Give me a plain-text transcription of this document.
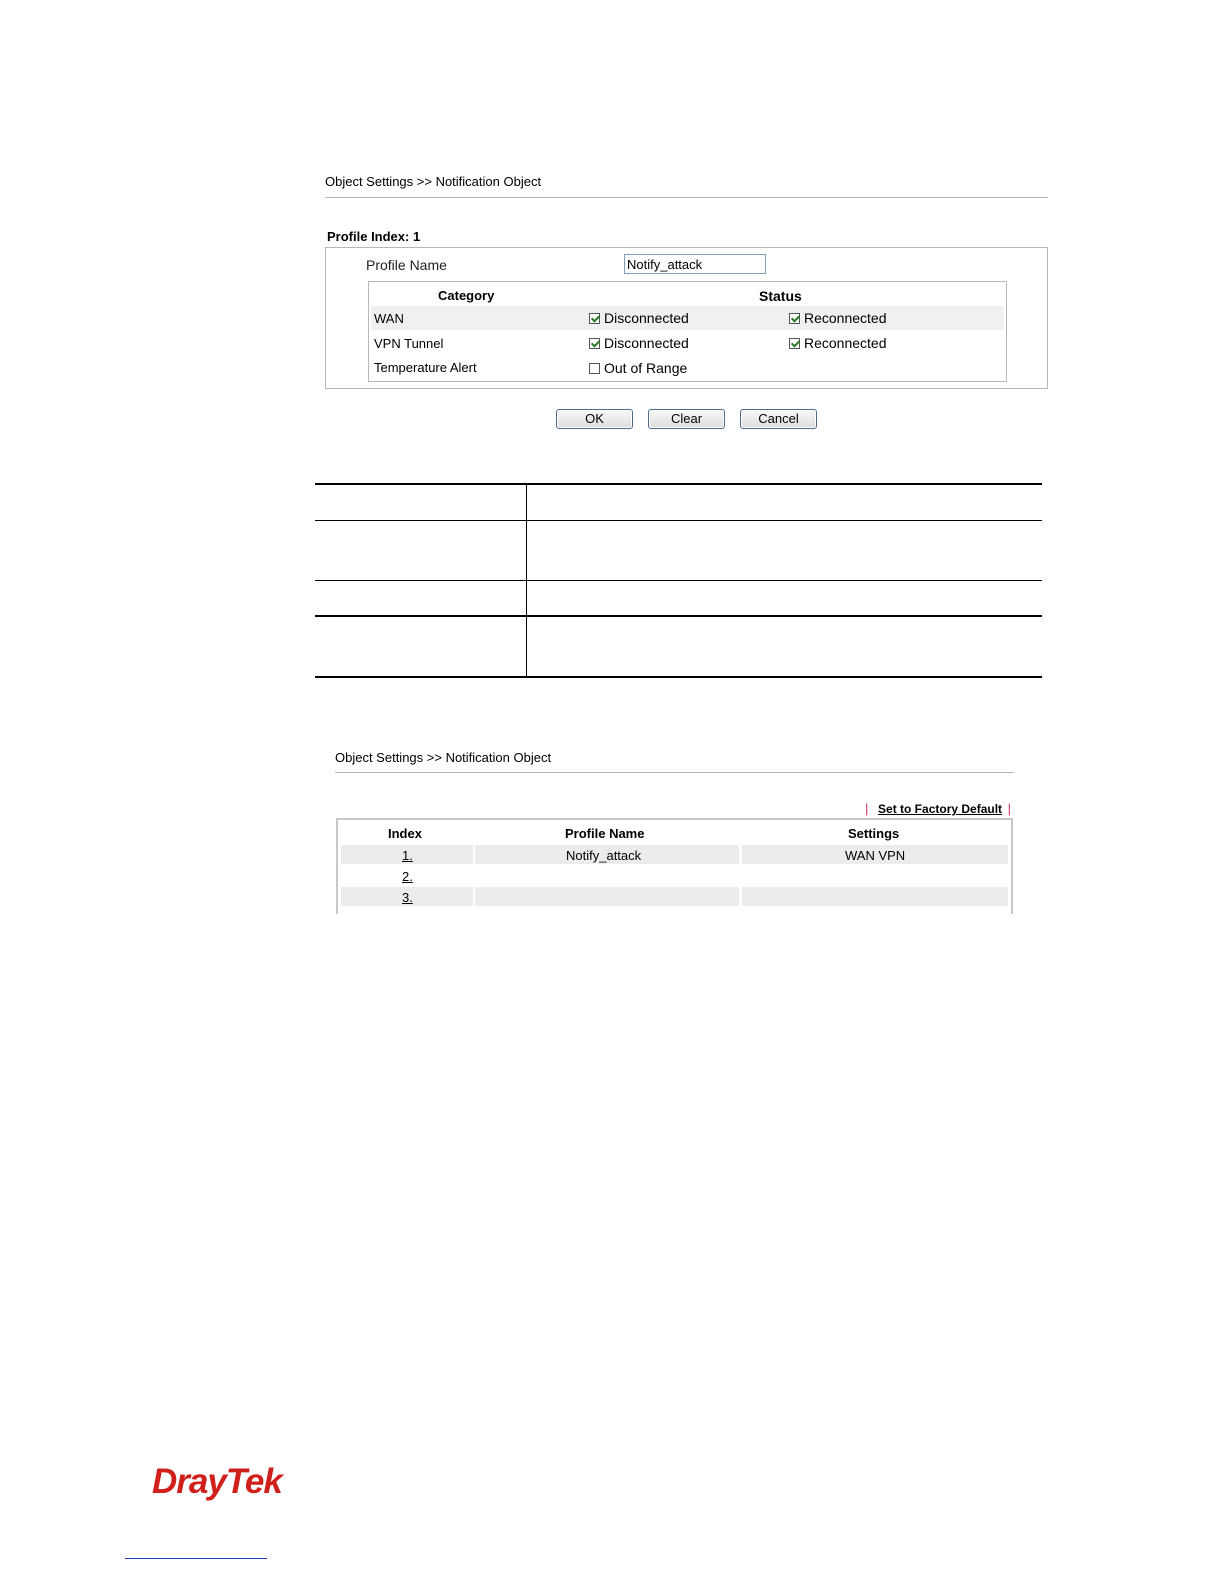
Object Settings >> Notification Object
Profile Index: 1
Profile Name
Notify_attack
Category	Status
WAN	Disconnected	Reconnected
VPN Tunnel	Disconnected	Reconnected
Temperature Alert	Out of Range
OK	Clear	Cancel
Object Settings >> Notification Object
| Set to Factory Default |
Index	Profile Name	Settings
1.	Notify_attack	WAN VPN
2.
3.
DrayTek
